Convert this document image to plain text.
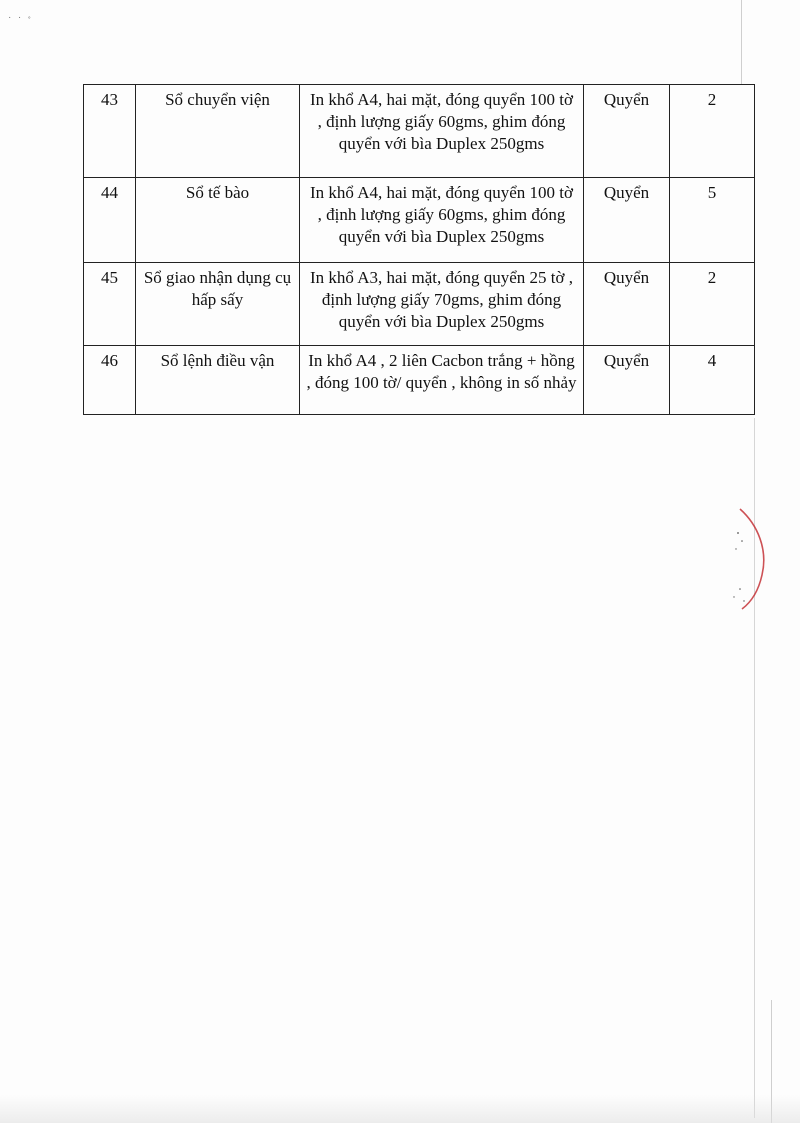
˙ ˙ ˚
43	Sổ chuyển viện	In khổ A4, hai mặt, đóng quyển 100 tờ , định lượng giấy 60gms, ghim đóng quyển với bìa Duplex 250gms	Quyển	2
44	Sổ tế bào	In khổ A4, hai mặt, đóng quyển 100 tờ , định lượng giấy 60gms, ghim đóng quyển với bìa Duplex 250gms	Quyển	5
45	Sổ giao nhận dụng cụ hấp sấy	In khổ A3, hai mặt, đóng quyển 25 tờ , định lượng giấy 70gms, ghim đóng quyển với bìa Duplex 250gms	Quyển	2
46	Sổ lệnh điều vận	In khổ A4 , 2 liên Cacbon trắng + hồng , đóng 100 tờ/ quyển , không in số nhảy	Quyển	4
